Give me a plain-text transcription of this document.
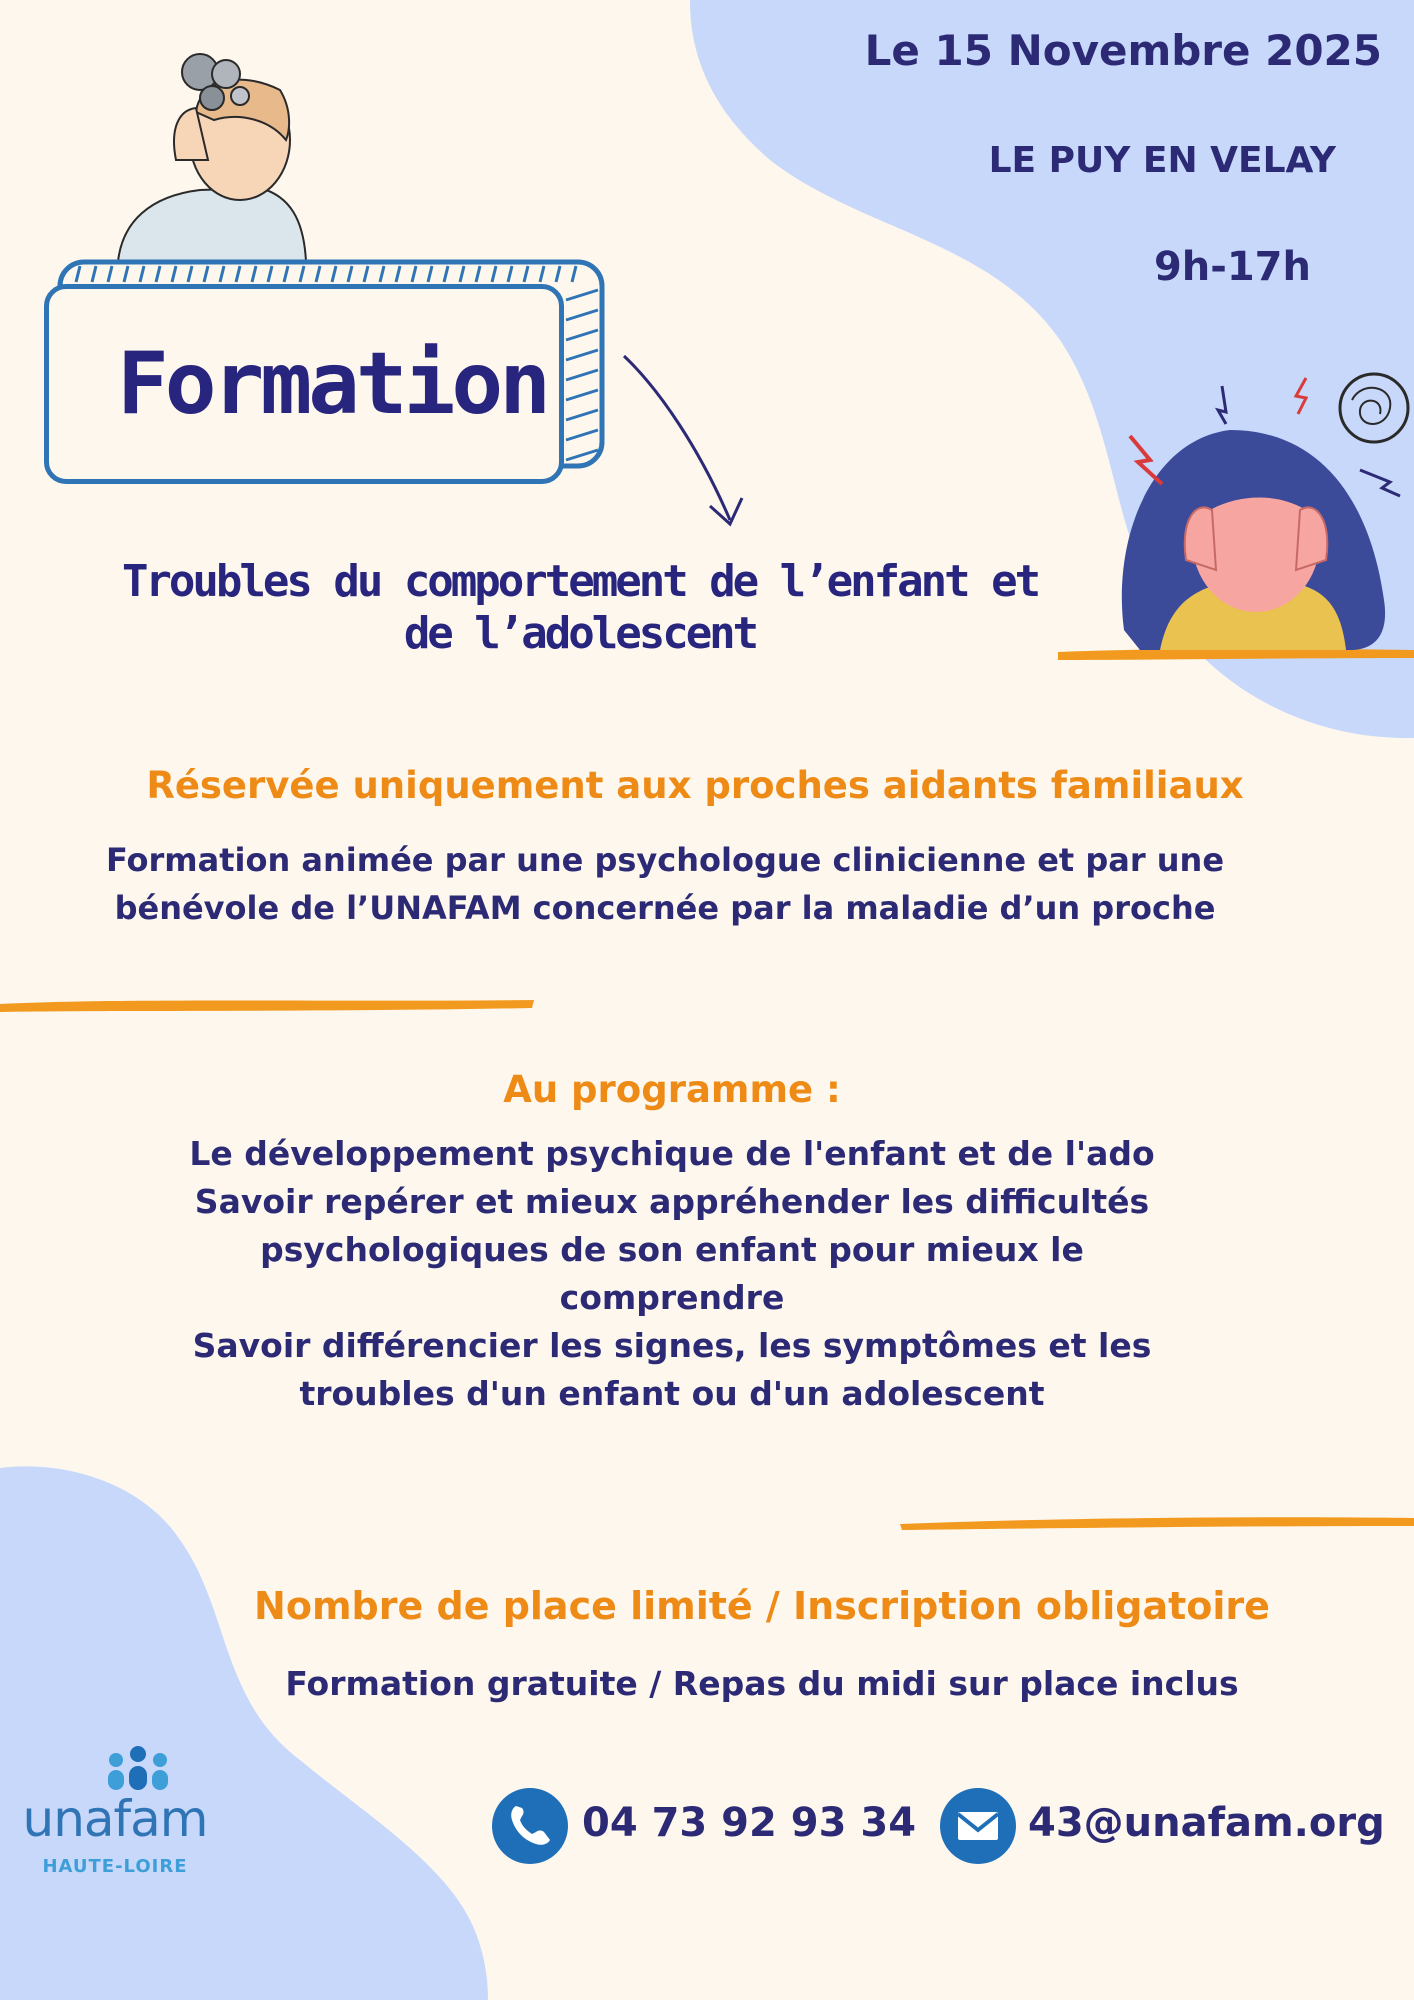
Le 15 Novembre 2025
LE PUY EN VELAY
9h-17h
Formation
Troubles du comportement de l’enfant et de l’adolescent
Réservée uniquement aux proches aidants familiaux
Formation animée par une psychologue clinicienne et par une bénévole de l’UNAFAM concernée par la maladie d’un proche
Au programme :
Le développement psychique de l'enfant et de l'ado
Savoir repérer et mieux appréhender les difficultés psychologiques de son enfant pour mieux le comprendre
Savoir différencier les signes, les symptômes et les troubles d'un enfant ou d'un adolescent
Nombre de place limité / Inscription obligatoire
Formation gratuite / Repas du midi sur place inclus
04 73 92 93 34	43@unafam.org
unafam
HAUTE-LOIRE
